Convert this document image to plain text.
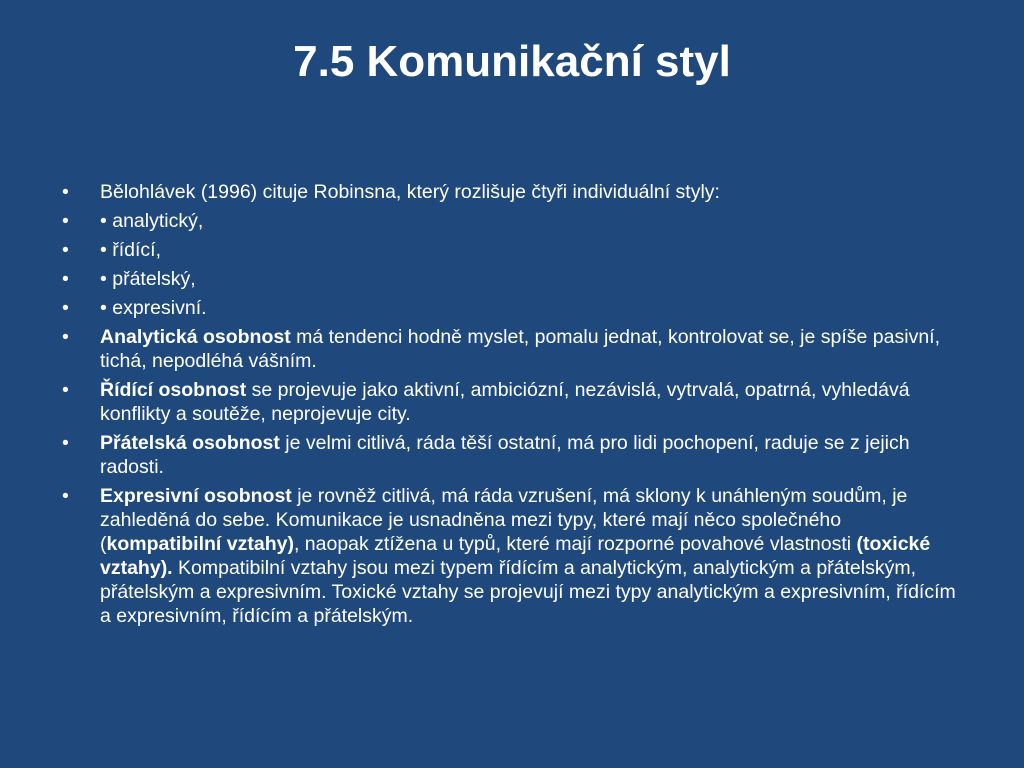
7.5 Komunikační styl
•	Bělohlávek (1996) cituje Robinsna, který rozlišuje čtyři individuální styly:
•	• analytický,
•	• řídící,
•	• přátelský,
•	• expresivní.
•	Analytická osobnost má tendenci hodně myslet, pomalu jednat, kontrolovat se, je spíše pasivní, tichá, nepodléhá vášním.
•	Řídící osobnost se projevuje jako aktivní, ambiciózní, nezávislá, vytrvalá, opatrná, vyhledává konflikty a soutěže, neprojevuje city.
•	Přátelská osobnost je velmi citlivá, ráda těší ostatní, má pro lidi pochopení, raduje se z jejich radosti.
•	Expresivní osobnost je rovněž citlivá, má ráda vzrušení, má sklony k unáhleným soudům, je zahleděná do sebe. Komunikace je usnadněna mezi typy, které mají něco společného (kompatibilní vztahy), naopak ztížena u typů, které mají rozporné povahové vlastnosti (toxické vztahy). Kompatibilní vztahy jsou mezi typem řídícím a analytickým, analytickým a přátelským, přátelským a expresivním. Toxické vztahy se projevují mezi typy analytickým a expresivním, řídícím a expresivním, řídícím a přátelským.
